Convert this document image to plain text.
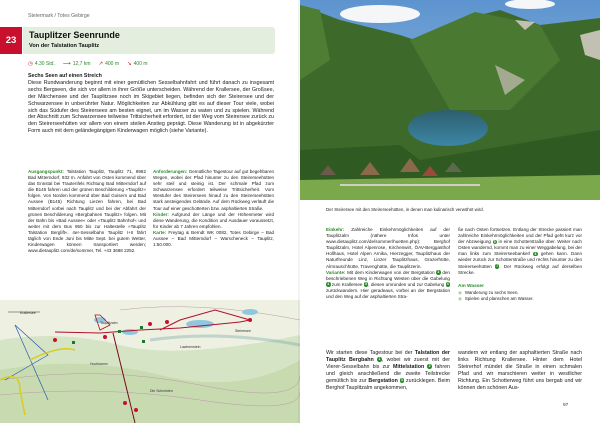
Steiermark / Totes Gebirge
23	Tauplitzer Seenrunde
Von der Talstation Tauplitz
◷ 4.30 Std. ⟶ 12,7 km ↗ 400 m ↘ 400 m
Sechs Seen auf einen Streich

Diese Rundwanderung beginnt mit einer gemütlichen Sesselbahnfahrt und führt danach zu insgesamt sechs Bergseen, die sich vor allem in ihrer Größe unterscheiden. Während der Krallersee, der Großsee, der Märchensee und der Tauplitzsee noch im Skigebiet liegen, befinden sich der Steirersee und der Schwarzensee in unberührter Natur. Möglichkeiten zur Abkühlung gibt es auf dieser Tour viele, wobei sich das Südufer des Steirersees am besten eignet, um im Wasser zu waten und zu spielen. Während der Abschnitt zum Schwarzensee teilweise Trittsicherheit erfordert, ist der Weg vom Steirersee zurück zu den Steirerseehütten vor allem von einem steilen Anstieg geprägt. Diese Wanderung ist in abgekürzter Form auch mit dem geländegängigen Kinderwagen möglich (siehe Variante).

Ausgangspunkt: Talstation Tauplitz, Tauplitz 71, 8982 Bad Mitterndorf, 932 m. Anfahrt von Osten kommend über das Ennstal bei Trautenfels Richtung Bad Mitterndorf auf die B145 fahren und der grünen Beschilderung »Tauplitz« folgen. Von Norden kommend über Bad Goisern und Bad Aussee (B145) Richtung Liezen fahren, bei Bad Mitterndorf vorbei nach Tauplitz und bei der Abfahrt der grünen Beschilderung »Bergbahnen Tauplitz« folgen. Mit der Bahn bis »Bad Aussee« oder »Tauplitz Bahnhof« und weiter mit dem Bus 950 bis zur Haltestelle »Tauplitz Talstation Berglift«. 4er-Sesselbahn Tauplitz I+II fährt täglich von Ende Juni bis Mitte Sept. bei gutem Wetter, Kinderwagen können transportiert werden; www.dietauplitz.com/de/sommer, Tel. +43 3688 2252.

Anforderungen: Gemütliche Tagestour auf gut begehbaren Wegen, wobei der Pfad hinunter zu den Steirerseehütten sehr steil und steinig ist. Der schmale Pfad zum Schwarzensee erfordert teilweise Trittsicherheit. Vom Westufer des Steirersees hinauf zu den Steirerseehütten stark ansteigendes Gelände. Auf dem Rückweg verläuft die Tour auf einer geschotterten bzw. asphaltierten Straße.

Kinder: Aufgrund der Länge und der Höhenmeter wird diese Wanderung, die Kondition und Ausdauer voraussetzt, für Kinder ab 7 Jahren empfohlen.

Karte: Freytag & Berndt WK 0082, Totes Gebirge – Bad Aussee – Bad Mitterndorf – Warscheneck – Tauplitz, 1:50.000.

Krallersee
Tauplitzalm
Hochkamm
Die Schneiden
Lawinenstein
Steirersee
Der Steirersee mit den Steirerseehütten, in denen man kulinarisch verwöhnt wird.

Einkehr: Zahlreiche Einkehrmöglichkeiten auf der Tauplitzalm (nähere Infos unter www.dietauplitz.com/de/sommer/huetten.php): Berghof Tauplitzalm, Hotel Alpenrose, Kirchenwirt, ÖAV-Berggasthof Hollhaus, Hotel Alpen Arnika, Hierzegger, Tauplitzhaus der Naturfreunde Linz, Linzer Tauplitzhaus, Grazerhütte, Almrauschhütte, Travenghütte, die Tauplitzerin.

Variante: Mit dem Kinderwagen von der Bergstation 3 den beschriebenen Weg in Richtung Westen über die Gabelung 4 zum Krallersee 5, diesen umrunden und zur Gabelung 4 zurückwandern. Hier geradeaus, vorbei an der Bergstation und den Weg auf der asphaltierten Stra-

ße nach Osten fortsetzen. Entlang der Strecke passiert man zahlreiche Einkehrmöglichkeiten und der Pfad geht kurz vor der Abzweigung 5 in eine Schotterstraße über. Weiter nach Osten wandernd, kommt man zu einer Weggabelung, bei der man links zum Steirerseebankerl 6 gehen kann. Dann wieder zurück zur Schotterstraße und rechts hinunter zu den Steirerseehütten 7. Der Rückweg erfolgt auf derselben Strecke.

Am Wasser
◉ Wanderung zu sechs Seen.
◉ Spielen und planschen am Wasser.
Wir starten diese Tagestour bei der Talstation der Tauplitz Bergbahn 1, wobei wir zuerst mit der Vierer-Sesselbahn bis zur Mittelstation 2 fahren und gleich anschließend die zweite Teilstrecke gemütlich bis zur Bergstation 3 zurücklegen. Beim Berghof Tauplitzalm angekommen,
wandern wir entlang der asphaltierten Straße nach links Richtung Krallersee. Hinter dem Hotel Steirerhof mündet die Straße in einen schmalen Pfad und wir marschieren weiter in westlicher Richtung. Ein Schotterweg führt uns bergab und wir können den schönen Aus-
97
